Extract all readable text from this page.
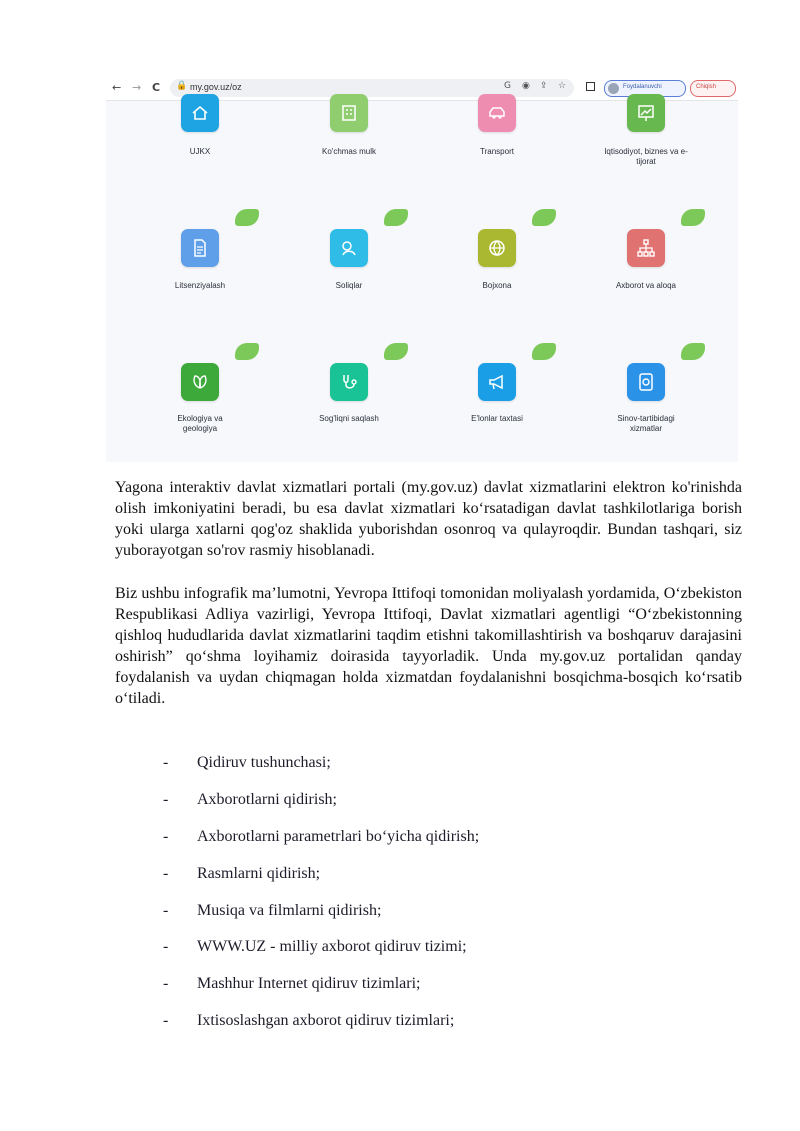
← → C 🔒 my.gov.uz/oz	G ◉ ⇪ ☆	Foydalanuvchi	Chiqish
UJKX	Ko'chmas mulk	Transport	Iqtisodiyot, biznes va e-tijorat
Litsenziyalash	Soliqlar	Bojxona	Axborot va aloqa
Ekologiya va geologiya
Sog'liqni saqlash	E'lonlar taxtasi	Sinov-tartibidagi xizmatlar

Yagona interaktiv davlat xizmatlari portali (my.gov.uz) davlat xizmatlarini elektron ko'rinishda olish imkoniyatini beradi, bu esa davlat xizmatlari ko‘rsatadigan davlat tashkilotlariga borish yoki ularga xatlarni qog'oz shaklida yuborishdan osonroq va qulayroqdir. Bundan tashqari, siz yuborayotgan so'rov rasmiy hisoblanadi.

Biz ushbu infografik ma’lumotni, Yevropa Ittifoqi tomonidan moliyalash yordamida, O‘zbekiston Respublikasi Adliya vazirligi, Yevropa Ittifoqi, Davlat xizmatlari agentligi “O‘zbekistonning qishloq hududlarida davlat xizmatlarini taqdim etishni takomillashtirish va boshqaruv darajasini oshirish” qo‘shma loyihamiz doirasida tayyorladik. Unda my.gov.uz portalidan qanday foydalanish va uydan chiqmagan holda xizmatdan foydalanishni bosqichma-bosqich ko‘rsatib o‘tiladi.

- Qidiruv tushunchasi;
- Axborotlarni qidirish;
- Axborotlarni parametrlari bo‘yicha qidirish;
- Rasmlarni qidirish;
- Musiqa va filmlarni qidirish;
- WWW.UZ - milliy axborot qidiruv tizimi;
- Mashhur Internet qidiruv tizimlari;
- Ixtisoslashgan axborot qidiruv tizimlari;
